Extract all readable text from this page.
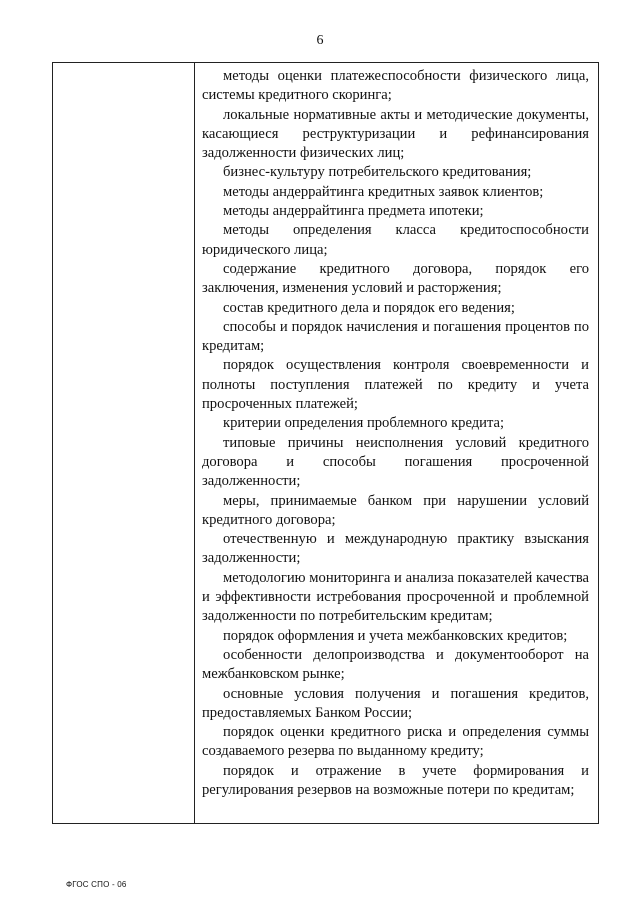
6

методы оценки платежеспособности физического лица, системы кредитного скоринга;

локальные нормативные акты и методические документы, касающиеся реструктуризации и рефинансирования задолженности физических лиц;

бизнес-культуру потребительского кредитования;

методы андеррайтинга кредитных заявок клиентов;

методы андеррайтинга предмета ипотеки;

методы определения класса кредитоспособности юридического лица;

содержание кредитного договора, порядок его заключения, изменения условий и расторжения;

состав кредитного дела и порядок его ведения;

способы и порядок начисления и погашения процентов по кредитам;

порядок осуществления контроля своевременности и полноты поступления платежей по кредиту и учета просроченных платежей;

критерии определения проблемного кредита;

типовые причины неисполнения условий кредитного договора и способы погашения просроченной задолженности;

меры, принимаемые банком при нарушении условий кредитного договора;

отечественную и международную практику взыскания задолженности;

методологию мониторинга и анализа показателей качества и эффективности истребования просроченной и проблемной задолженности по потребительским кредитам;

порядок оформления и учета межбанковских кредитов;

особенности делопроизводства и документооборот на межбанковском рынке;

основные условия получения и погашения кредитов, предоставляемых Банком России;

порядок оценки кредитного риска и определения суммы создаваемого резерва по выданному кредиту;

порядок и отражение в учете формирования и регулирования резервов на возможные потери по кредитам;

ФГОС СПО - 06
